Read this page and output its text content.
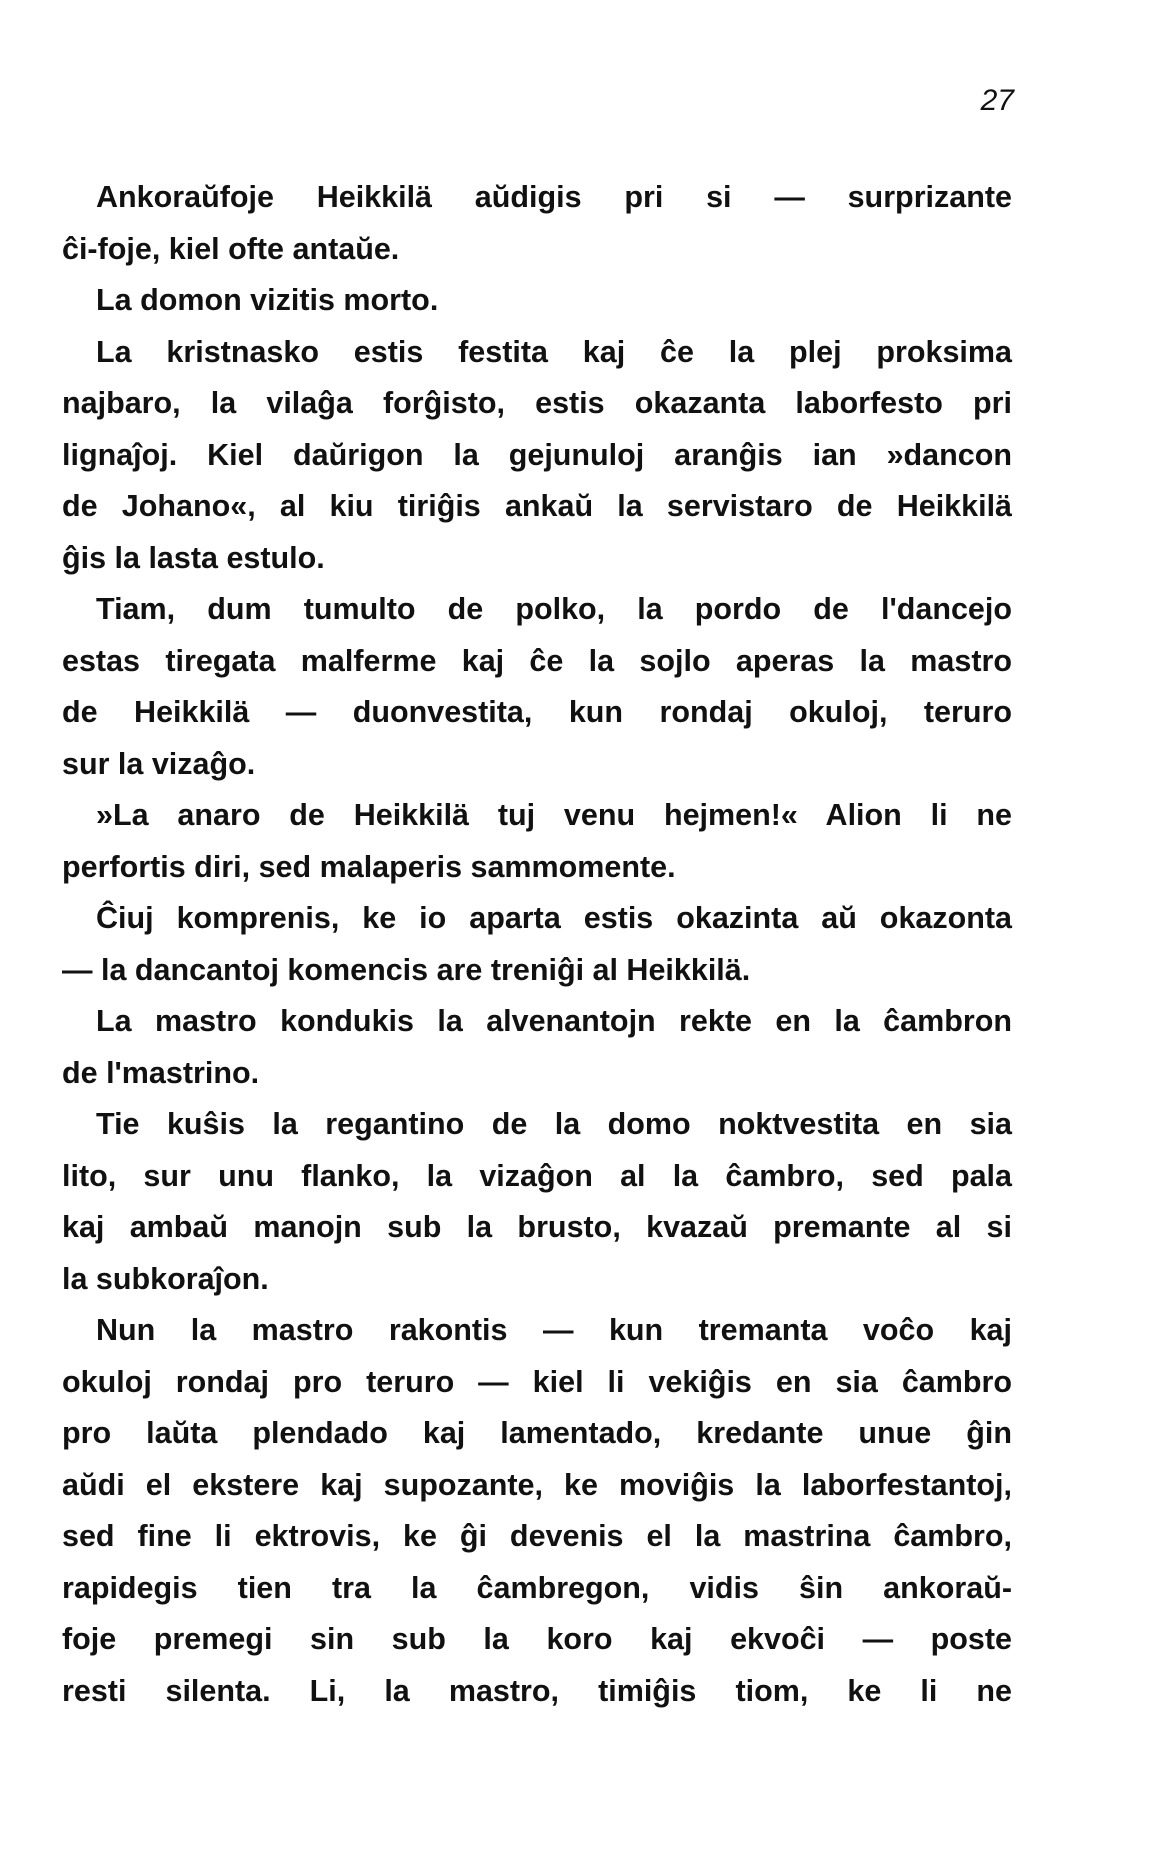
27

Ankoraŭfoje Heikkilä aŭdigis pri si — surprizante
ĉi-foje, kiel ofte antaŭe.

La domon vizitis morto.

La kristnasko estis festita kaj ĉe la plej proksima
najbaro, la vilaĝa forĝisto, estis okazanta laborfesto pri
lignaĵoj. Kiel daŭrigon la gejunuloj aranĝis ian »dancon
de Johano«, al kiu tiriĝis ankaŭ la servistaro de Heikkilä
ĝis la lasta estulo.

Tiam, dum tumulto de polko, la pordo de l'dancejo
estas tiregata malferme kaj ĉe la sojlo aperas la mastro
de Heikkilä — duonvestita, kun rondaj okuloj, teruro
sur la vizaĝo.

»La anaro de Heikkilä tuj venu hejmen!« Alion li ne
perfortis diri, sed malaperis sammomente.

Ĉiuj komprenis, ke io aparta estis okazinta aŭ okazonta
— la dancantoj komencis are treniĝi al Heikkilä.

La mastro kondukis la alvenantojn rekte en la ĉambron
de l'mastrino.

Tie kuŝis la regantino de la domo noktvestita en sia
lito, sur unu flanko, la vizaĝon al la ĉambro, sed pala
kaj ambaŭ manojn sub la brusto, kvazaŭ premante al si
la subkoraĵon.

Nun la mastro rakontis — kun tremanta voĉo kaj
okuloj rondaj pro teruro — kiel li vekiĝis en sia ĉambro
pro laŭta plendado kaj lamentado, kredante unue ĝin
aŭdi el ekstere kaj supozante, ke moviĝis la laborfestantoj,
sed fine li ektrovis, ke ĝi devenis el la mastrina ĉambro,
rapidegis tien tra la ĉambregon, vidis ŝin ankoraŭ-
foje premegi sin sub la koro kaj ekvoĉi — poste
resti silenta. Li, la mastro, timiĝis tiom, ke li ne
